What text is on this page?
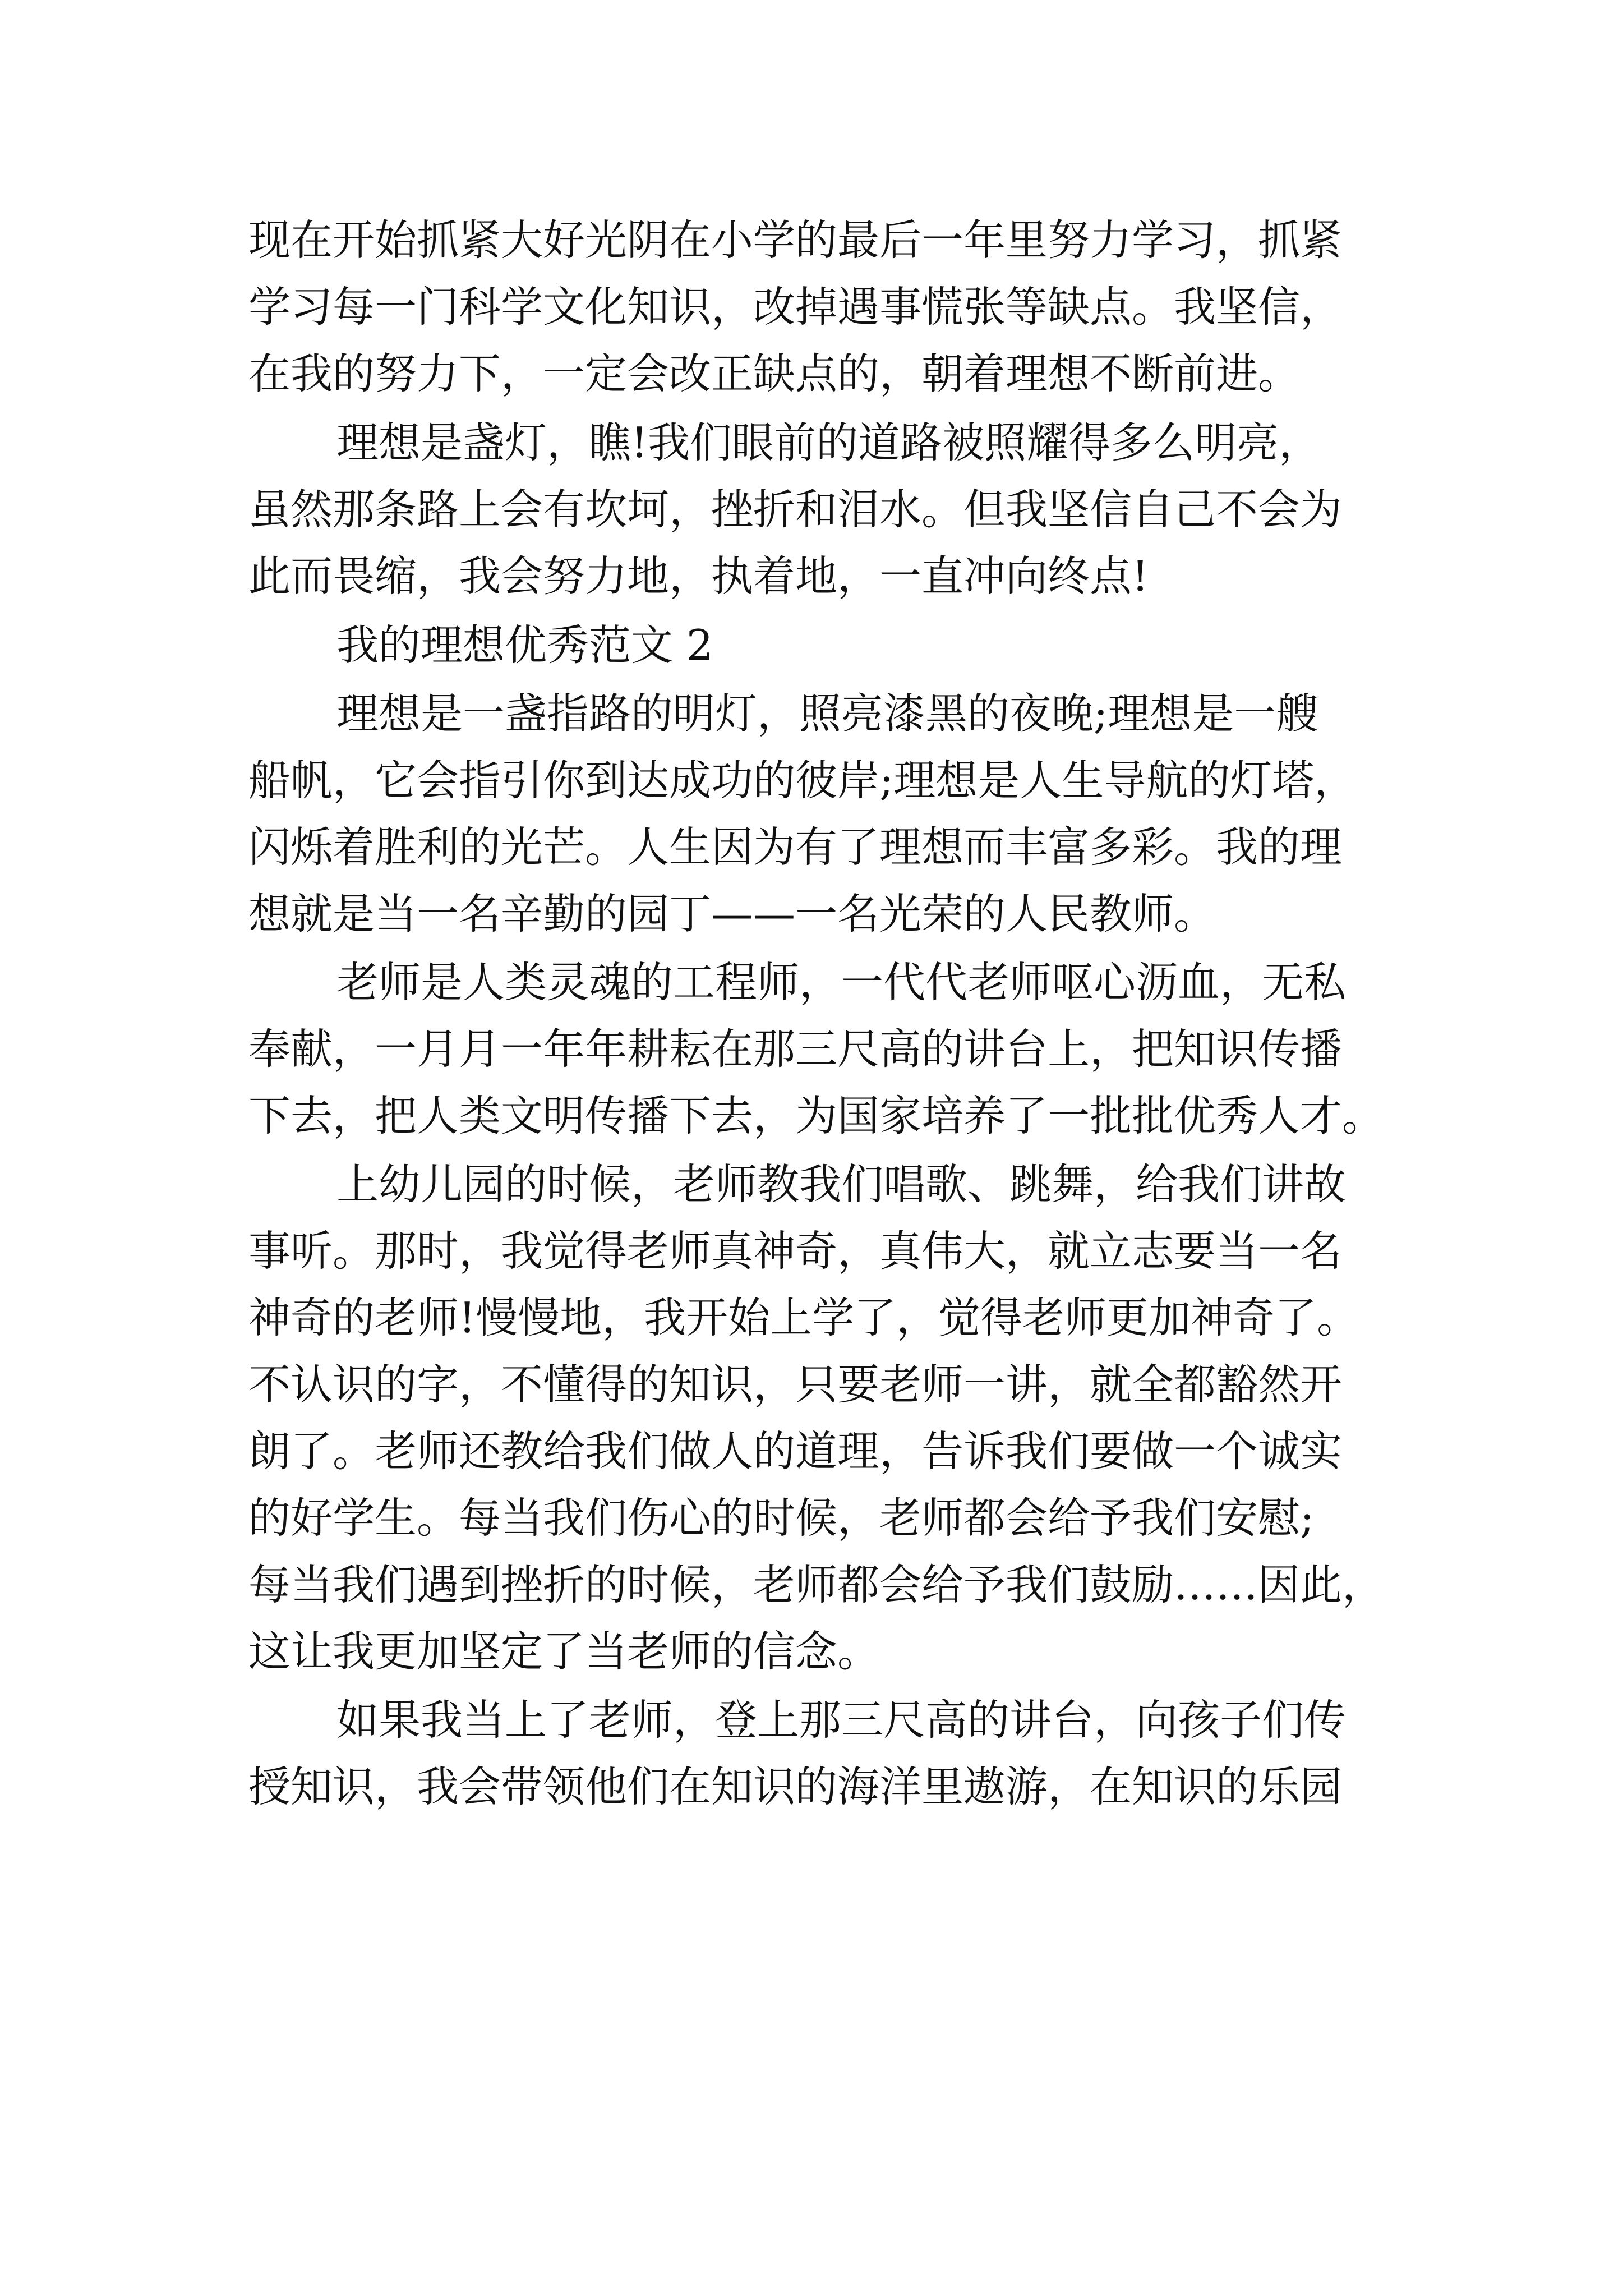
现在开始抓紧大好光阴在小学的最后一年里努力学习，抓紧
学习每一门科学文化知识，改掉遇事慌张等缺点。我坚信，
在我的努力下，一定会改正缺点的，朝着理想不断前进。
理想是盏灯，瞧!我们眼前的道路被照耀得多么明亮，
虽然那条路上会有坎坷，挫折和泪水。但我坚信自己不会为
此而畏缩，我会努力地，执着地，一直冲向终点!
我的理想优秀范文 2
理想是一盏指路的明灯，照亮漆黑的夜晚;理想是一艘
船帆，它会指引你到达成功的彼岸;理想是人生导航的灯塔，
闪烁着胜利的光芒。人生因为有了理想而丰富多彩。我的理
想就是当一名辛勤的园丁——一名光荣的人民教师。
老师是人类灵魂的工程师，一代代老师呕心沥血，无私
奉献，一月月一年年耕耘在那三尺高的讲台上，把知识传播
下去，把人类文明传播下去，为国家培养了一批批优秀人才。
上幼儿园的时候，老师教我们唱歌、跳舞，给我们讲故
事听。那时，我觉得老师真神奇，真伟大，就立志要当一名
神奇的老师!慢慢地，我开始上学了，觉得老师更加神奇了。
不认识的字，不懂得的知识，只要老师一讲，就全都豁然开
朗了。老师还教给我们做人的道理，告诉我们要做一个诚实
的好学生。每当我们伤心的时候，老师都会给予我们安慰;
每当我们遇到挫折的时候，老师都会给予我们鼓励……因此，
这让我更加坚定了当老师的信念。
如果我当上了老师，登上那三尺高的讲台，向孩子们传
授知识，我会带领他们在知识的海洋里遨游，在知识的乐园
